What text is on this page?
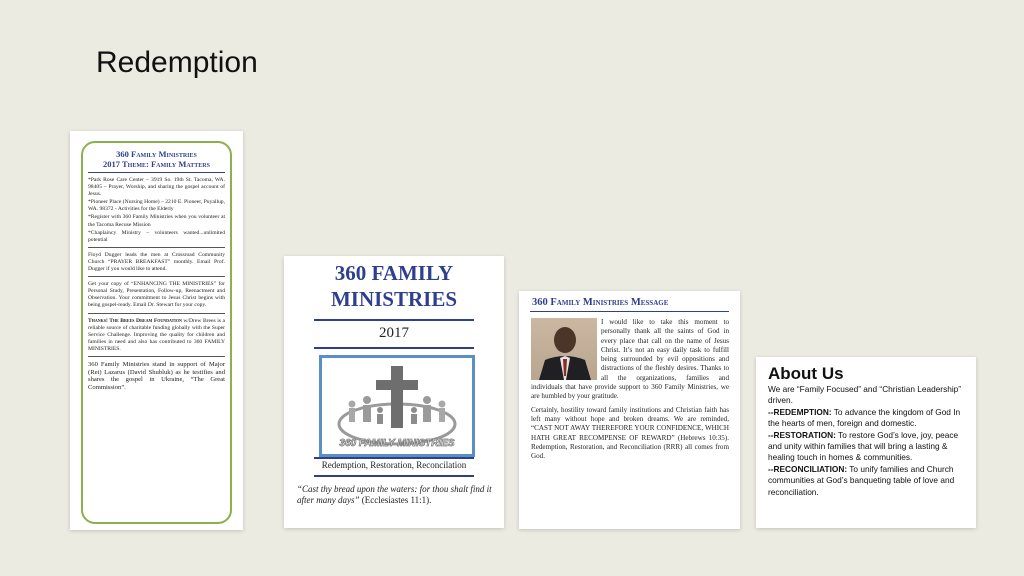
Redemption
360 Family Ministries
2017 Theme: Family Matters

*Park Rose Care Center – 3919 So. 19th St. Tacoma, WA. 98405 – Prayer, Worship, and sharing the gospel account of Jesus.

*Pioneer Place (Nursing Home) – 2210 E. Pioneer, Puyallup, WA. 98372 - Activities for the Elderly

*Register with 360 Family Ministries when you volunteer at the Tacoma Recuse Mission

*Chaplaincy Ministry – volunteers wanted...unlimited potential

Floyd Dugger leads the men at Crossroad Community Church “PRAYER BREAKFAST” monthly. Email Prof. Dugger if you would like to attend.
Get your copy of “ENHANCING THE MINISTRIES” for Personal Study, Presentation, Follow-up, Reenactment and Observation. Your commitment to Jesus Christ begins with being gospel-ready. Email Dr. Stewart for your copy.
Thanks! The Brees Dream Foundation w/Drew Brees is a reliable source of charitable funding globally with the Super Service Challenge. Improving the quality for children and families in need and also has contributed to 360 FAMILY MINISTRIES.
360 Family Ministries stand in support of Major (Ret) Lazarus (David Shubluk) as he testifies and shares the gospel in Ukraine, “The Great Commission”.
360 FAMILY
MINISTRIES
2017
360 FAMILY MINISTRIES
Redemption, Restoration, Reconcilation
“Cast thy bread upon the waters: for thou shalt find it after many days” (Ecclesiastes 11:1).
360 Family Ministries Message

I would like to take this moment to personally thank all the saints of God in every place that call on the name of Jesus Christ. It’s not an easy daily task to fulfill being surrounded by evil oppositions and distractions of the fleshly desires. Thanks to all the organizations, families and individuals that have provide support to 360 Family Ministries, we are humbled by your gratitude.

Certainly, hostility toward family institutions and Christian faith has left many without hope and broken dreams. We are reminded, “CAST NOT AWAY THEREFORE YOUR CONFIDENCE, WHICH HATH GREAT RECOMPENSE OF REWARD” (Hebrews 10:35). Redemption, Restoration, and Reconciliation (RRR) all comes from God.

About Us

We are “Family Focused” and “Christian Leadership” driven.

--REDEMPTION: To advance the kingdom of God In the hearts of men, foreign and domestic.

--RESTORATION: To restore God’s love, joy, peace and unity within families that will bring a lasting & healing touch in homes & communities.

--RECONCILIATION: To unify families and Church communities at God’s banqueting table of love and reconciliation.
